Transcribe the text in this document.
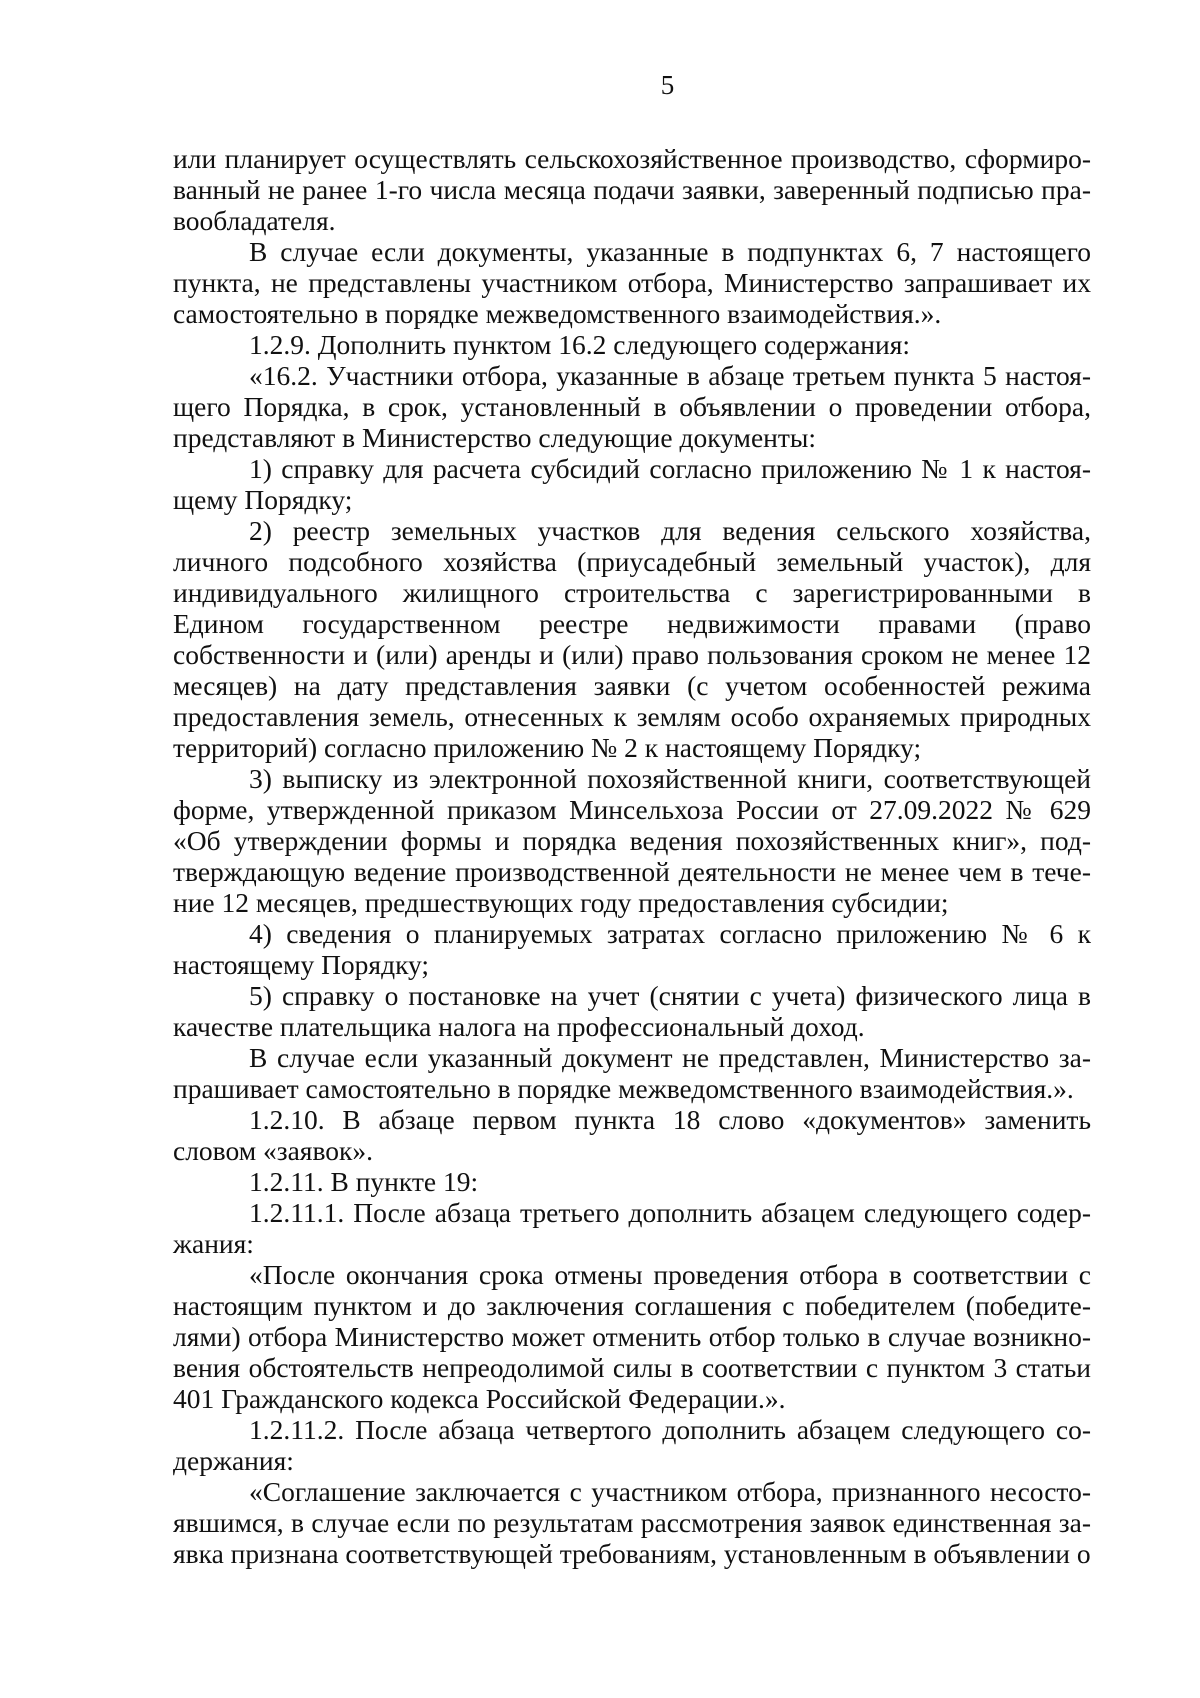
5

или планирует осуществлять сельскохозяйственное производство, сформированный не ранее 1-го числа месяца подачи заявки, заверенный подписью правообладателя.

В случае если документы, указанные в подпунктах 6, 7 настоящего пункта, не представлены участником отбора, Министерство запрашивает их самостоятельно в порядке межведомственного взаимодействия.».

1.2.9. Дополнить пунктом 16.2 следующего содержания:

«16.2. Участники отбора, указанные в абзаце третьем пункта 5 настоящего Порядка, в срок, установленный в объявлении о проведении отбора, представляют в Министерство следующие документы:

1) справку для расчета субсидий согласно приложению № 1 к настоящему Порядку;

2) реестр земельных участков для ведения сельского хозяйства, личного подсобного хозяйства (приусадебный земельный участок), для индивидуального жилищного строительства с зарегистрированными в Едином государственном реестре недвижимости правами (право собственности и (или) аренды и (или) право пользования сроком не менее 12 месяцев) на дату представления заявки (с учетом особенностей режима предоставления земель, отнесенных к землям особо охраняемых природных территорий) согласно приложению № 2 к настоящему Порядку;

3) выписку из электронной похозяйственной книги, соответствующей форме, утвержденной приказом Минсельхоза России от 27.09.2022 № 629 «Об утверждении формы и порядка ведения похозяйственных книг», подтверждающую ведение производственной деятельности не менее чем в течение 12 месяцев, предшествующих году предоставления субсидии;

4) сведения о планируемых затратах согласно приложению № 6 к настоящему Порядку;

5) справку о постановке на учет (снятии с учета) физического лица в качестве плательщика налога на профессиональный доход.

В случае если указанный документ не представлен, Министерство запрашивает самостоятельно в порядке межведомственного взаимодействия.».

1.2.10. В абзаце первом пункта 18 слово «документов» заменить словом «заявок».

1.2.11. В пункте 19:

1.2.11.1. После абзаца третьего дополнить абзацем следующего содержания:

«После окончания срока отмены проведения отбора в соответствии с настоящим пунктом и до заключения соглашения с победителем (победителями) отбора Министерство может отменить отбор только в случае возникновения обстоятельств непреодолимой силы в соответствии с пунктом 3 статьи 401 Гражданского кодекса Российской Федерации.».

1.2.11.2. После абзаца четвертого дополнить абзацем следующего содержания:

«Соглашение заключается с участником отбора, признанного несостоявшимся, в случае если по результатам рассмотрения заявок единственная заявка признана соответствующей требованиям, установленным в объявлении о
